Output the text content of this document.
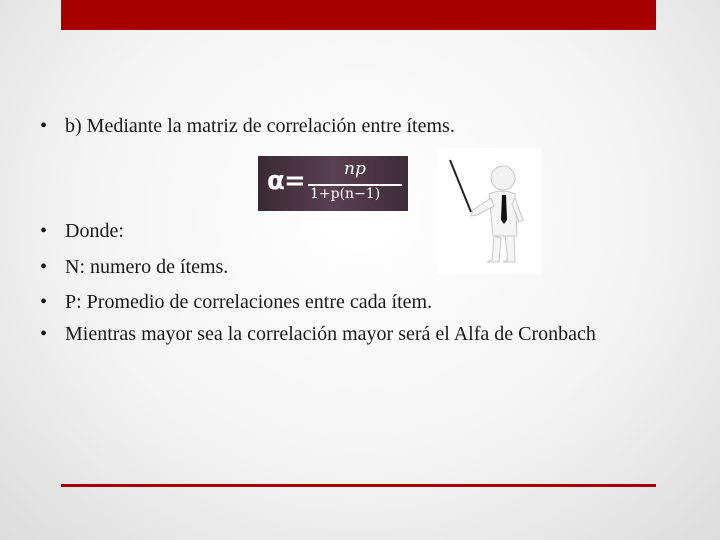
• b) Mediante la matriz de correlación entre ítems.
α = np
1+p(n−1)
• Donde:
• N: numero de ítems.
• P: Promedio de correlaciones entre cada ítem.
• Mientras mayor sea la correlación mayor será el Alfa de Cronbach
